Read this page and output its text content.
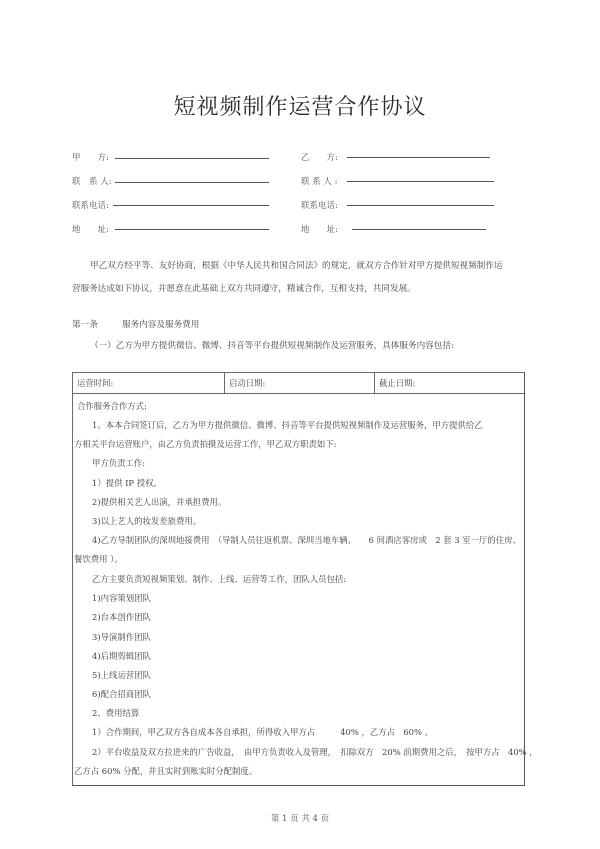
短视频制作运营合作协议
甲　　方:
联　系 人:
联系电话:
地　　址:
乙　　方:
联 系 人 :
联系电话:
地　　址:
甲乙双方经平等、友好协商，根据《中华人民共和国合同法》的规定，就双方合作针对甲方提供短视频制作运
营服务达成如下协议，并愿意在此基础上双方共同遵守，精诚合作，互相支持，共同发展。
第一条	服务内容及服务费用
（一）乙方为甲方提供微信、微博、抖音等平台提供短视频制作及运营服务，具体服务内容包括:
运营时间:	启动日期:	截止日期:
合作服务合作方式:
1、本本合同签订后，乙方为甲方提供微信、微博、抖音等平台提供短视频制作及运营服务，甲方提供给乙
方相关平台运营账户，由乙方负责拍摄及运营工作，甲乙双方职责如下:
甲方负责工作:
1）提供 IP 授权。
2)提供相关艺人出演，并承担费用。
3)以上艺人的妆发差旅费用。
4)乙方导制团队的深圳地接费用　（导制人员往返机票、深圳当地车辆、　　6 间酒店客房或　2 套 3 室一厅的住房、
餐饮费用 ）。
乙方主要负责短视频策划、制作、上线、运营等工作，团队人员包括:
1)内容策划团队
2)台本创作团队
3)导演制作团队
4)后期剪辑团队
5)上线运营团队
6)配合招商团队
2、费用结算
1）合作期间，甲乙双方各自成本各自承担，所得收入甲方占　　　40% ，乙方占　60% 。
2）平台收益及双方拉进来的广告收益，　由甲方负责收入及管理，　扣除双方　20% 前期费用之后，　按甲方占　40% ，
乙方占 60% 分配，并且实时到账实时分配制度。
第 1 页 共 4 页
